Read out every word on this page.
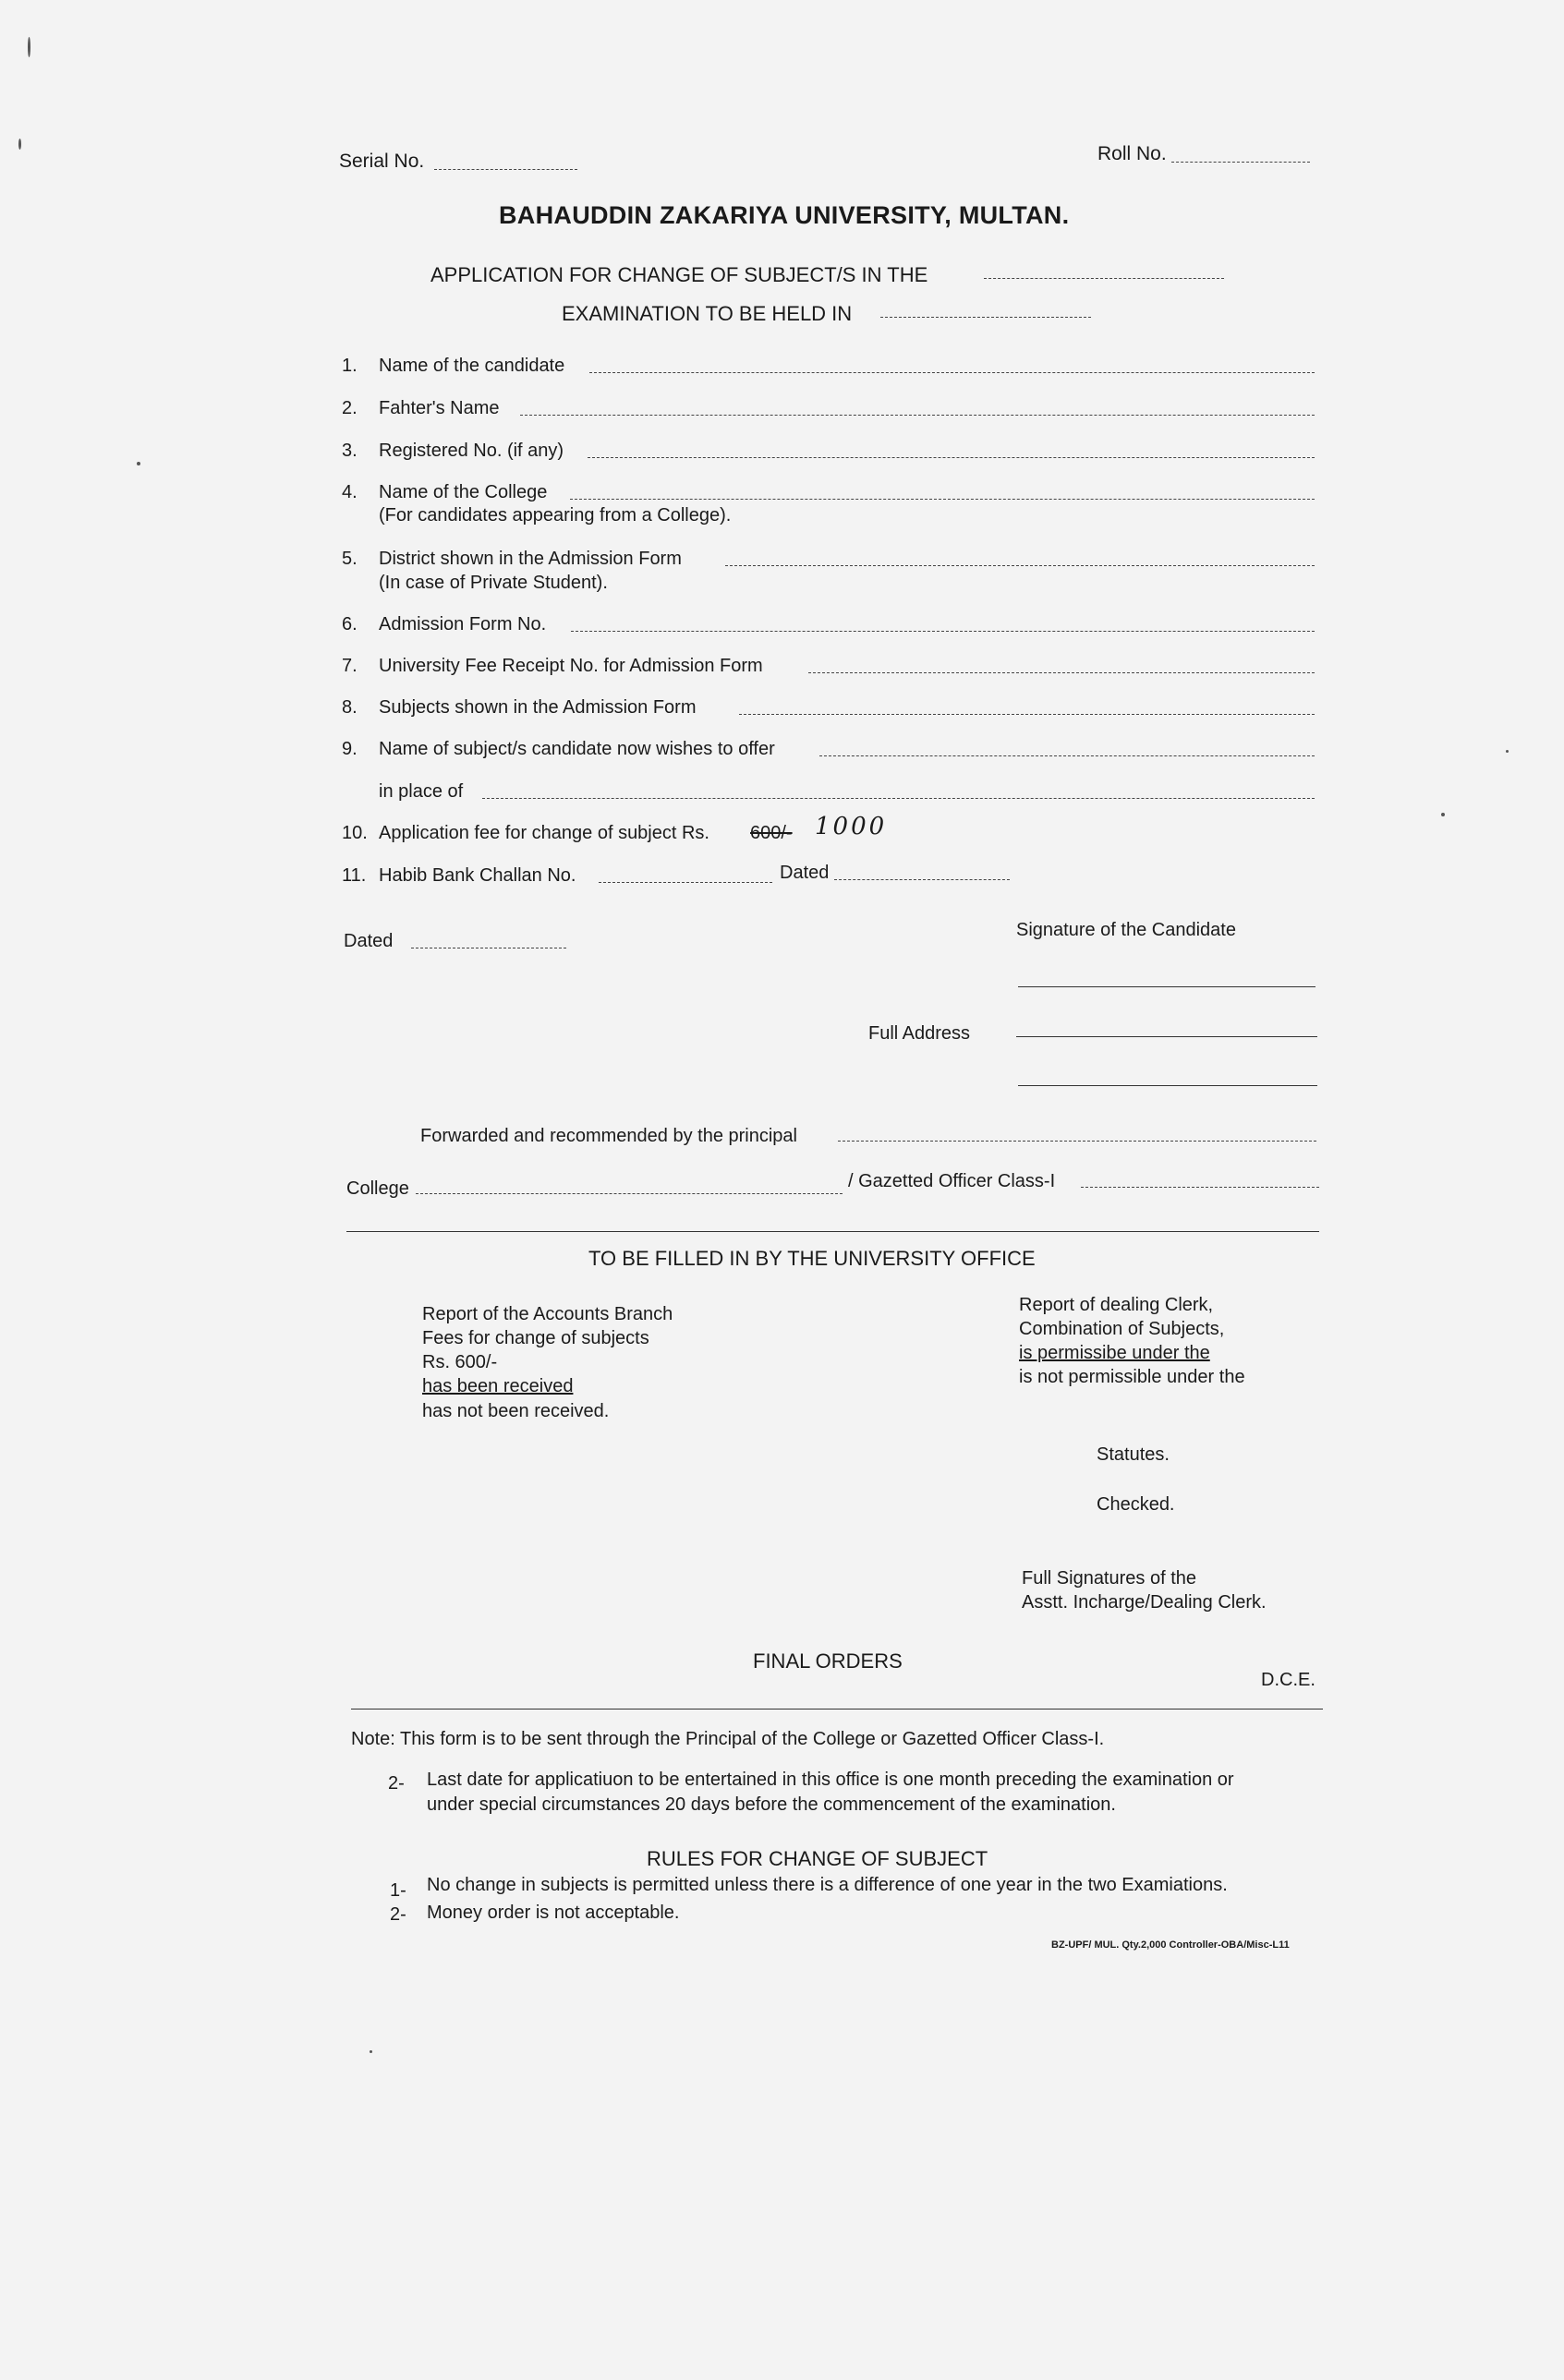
Serial No.	Roll No.
BAHAUDDIN ZAKARIYA UNIVERSITY, MULTAN.
APPLICATION FOR CHANGE OF SUBJECT/S IN THE
EXAMINATION TO BE HELD IN
1. Name of the candidate
2. Fahter's Name
3. Registered No. (if any)
4. Name of the College
(For candidates appearing from a College).
5. District shown in the Admission Form
(In case of Private Student).
6. Admission Form No.
7. University Fee Receipt No. for Admission Form
8. Subjects shown in the Admission Form
9. Name of subject/s candidate now wishes to offer
in place of
10. Application fee for change of subject Rs. 600/- 1000
11. Habib Bank Challan No.	Dated
Dated
Signature of the Candidate
Full Address
Forwarded and recommended by the principal
College	/ Gazetted Officer Class-I
TO BE FILLED IN BY THE UNIVERSITY OFFICE
Report of the Accounts Branch
Fees for change of subjects
Rs. 600/-
has been received
has not been received.
Report of dealing Clerk,
Combination of Subjects,
is permissibe under the
is not permissible under the
Statutes.
Checked.
Full Signatures of the
Asstt. Incharge/Dealing Clerk.
FINAL ORDERS
D.C.E.
Note: This form is to be sent through the Principal of the College or Gazetted Officer Class-I.
2- Last date for applicatiuon to be entertained in this office is one month preceding the examination or
under special circumstances 20 days before the commencement of the examination.
RULES FOR CHANGE OF SUBJECT
1- No change in subjects is permitted unless there is a difference of one year in the two Examiations.
2- Money order is not acceptable.
BZ-UPF/ MUL. Qty.2,000 Controller-OBA/Misc-L11
